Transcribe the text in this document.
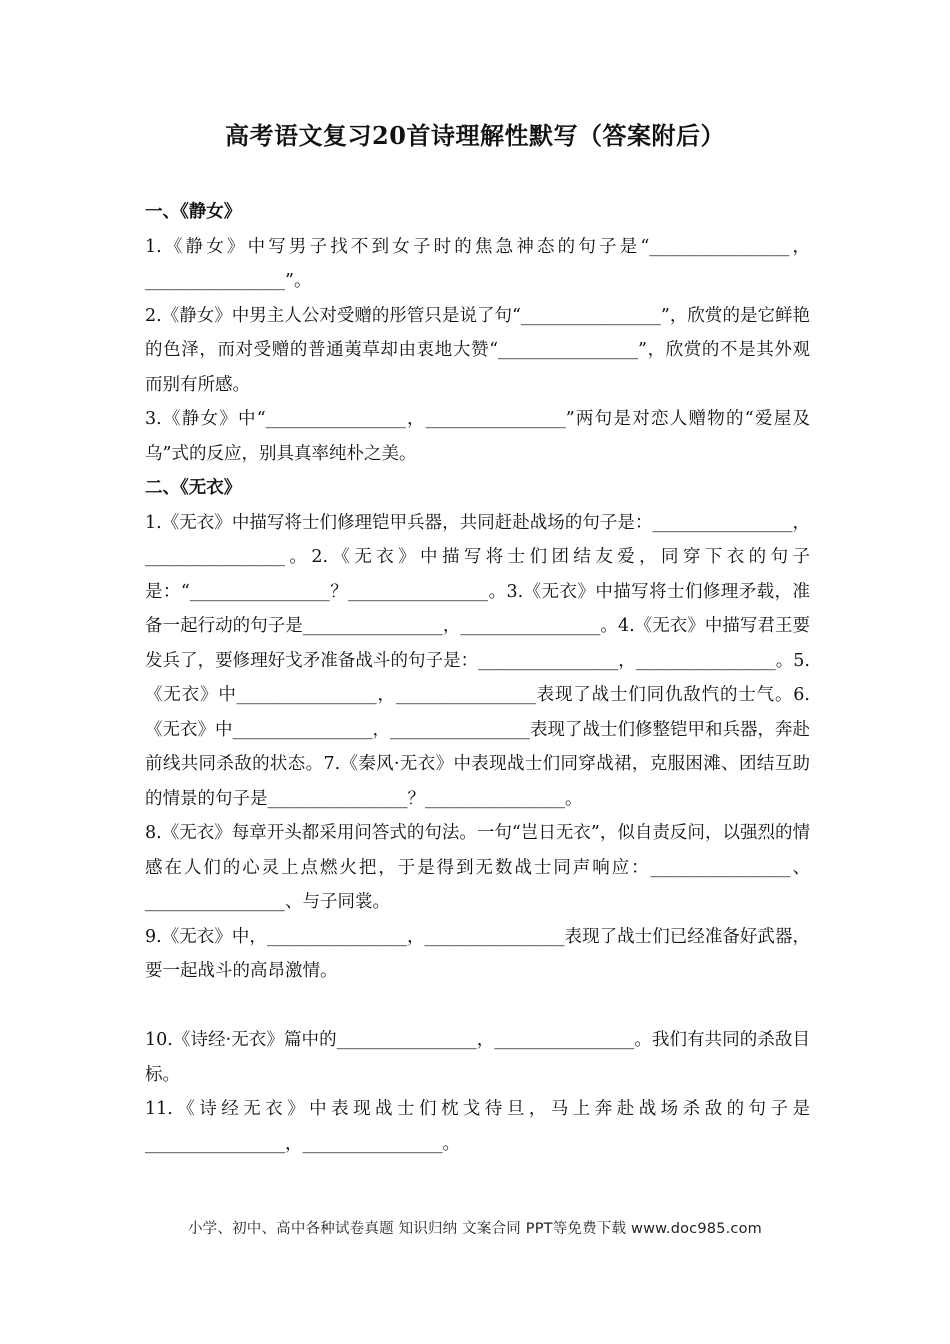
高考语文复习20首诗理解性默写（答案附后）
一、《静女》

1.《静女》中写男子找不到女子时的焦急神态的句子是“________________，________________”。

2.《静女》中男主人公对受赠的彤管只是说了句“________________”，欣赏的是它鲜艳的色泽，而对受赠的普通荑草却由衷地大赞“________________”，欣赏的不是其外观而别有所感。

3.《静女》中“________________，________________”两句是对恋人赠物的“爱屋及乌”式的反应，别具真率纯朴之美。

二、《无衣》

1.《无衣》中描写将士们修理铠甲兵器，共同赶赴战场的句子是：________________，________________。2.《无衣》中描写将士们团结友爱，同穿下衣的句子是：“________________？________________。3.《无衣》中描写将士们修理矛载，准备一起行动的句子是________________，________________。4.《无衣》中描写君王要发兵了，要修理好戈矛准备战斗的句子是：________________，________________。5.《无衣》中________________，________________表现了战士们同仇敌忾的士气。6.《无衣》中________________，________________表现了战士们修整铠甲和兵器，奔赴前线共同杀敌的状态。7.《秦风·无衣》中表现战士们同穿战裙，克服困滩、团结互助的情景的句子是________________？________________。

8.《无衣》每章开头都采用问答式的句法。一句“岂日无衣”，似自责反问，以强烈的情感在人们的心灵上点燃火把，于是得到无数战士同声响应：________________、________________、与子同裳。

9.《无衣》中，________________，________________表现了战士们已经准备好武器，要一起战斗的高昂激情。

10.《诗经·无衣》篇中的________________，________________。我们有共同的杀敌目标。

11.《诗经无衣》中表现战士们枕戈待旦，马上奔赴战场杀敌的句子是________________，________________。

小学、初中、高中各种试卷真题 知识归纳 文案合同 PPT等免费下载 www.doc985.com
